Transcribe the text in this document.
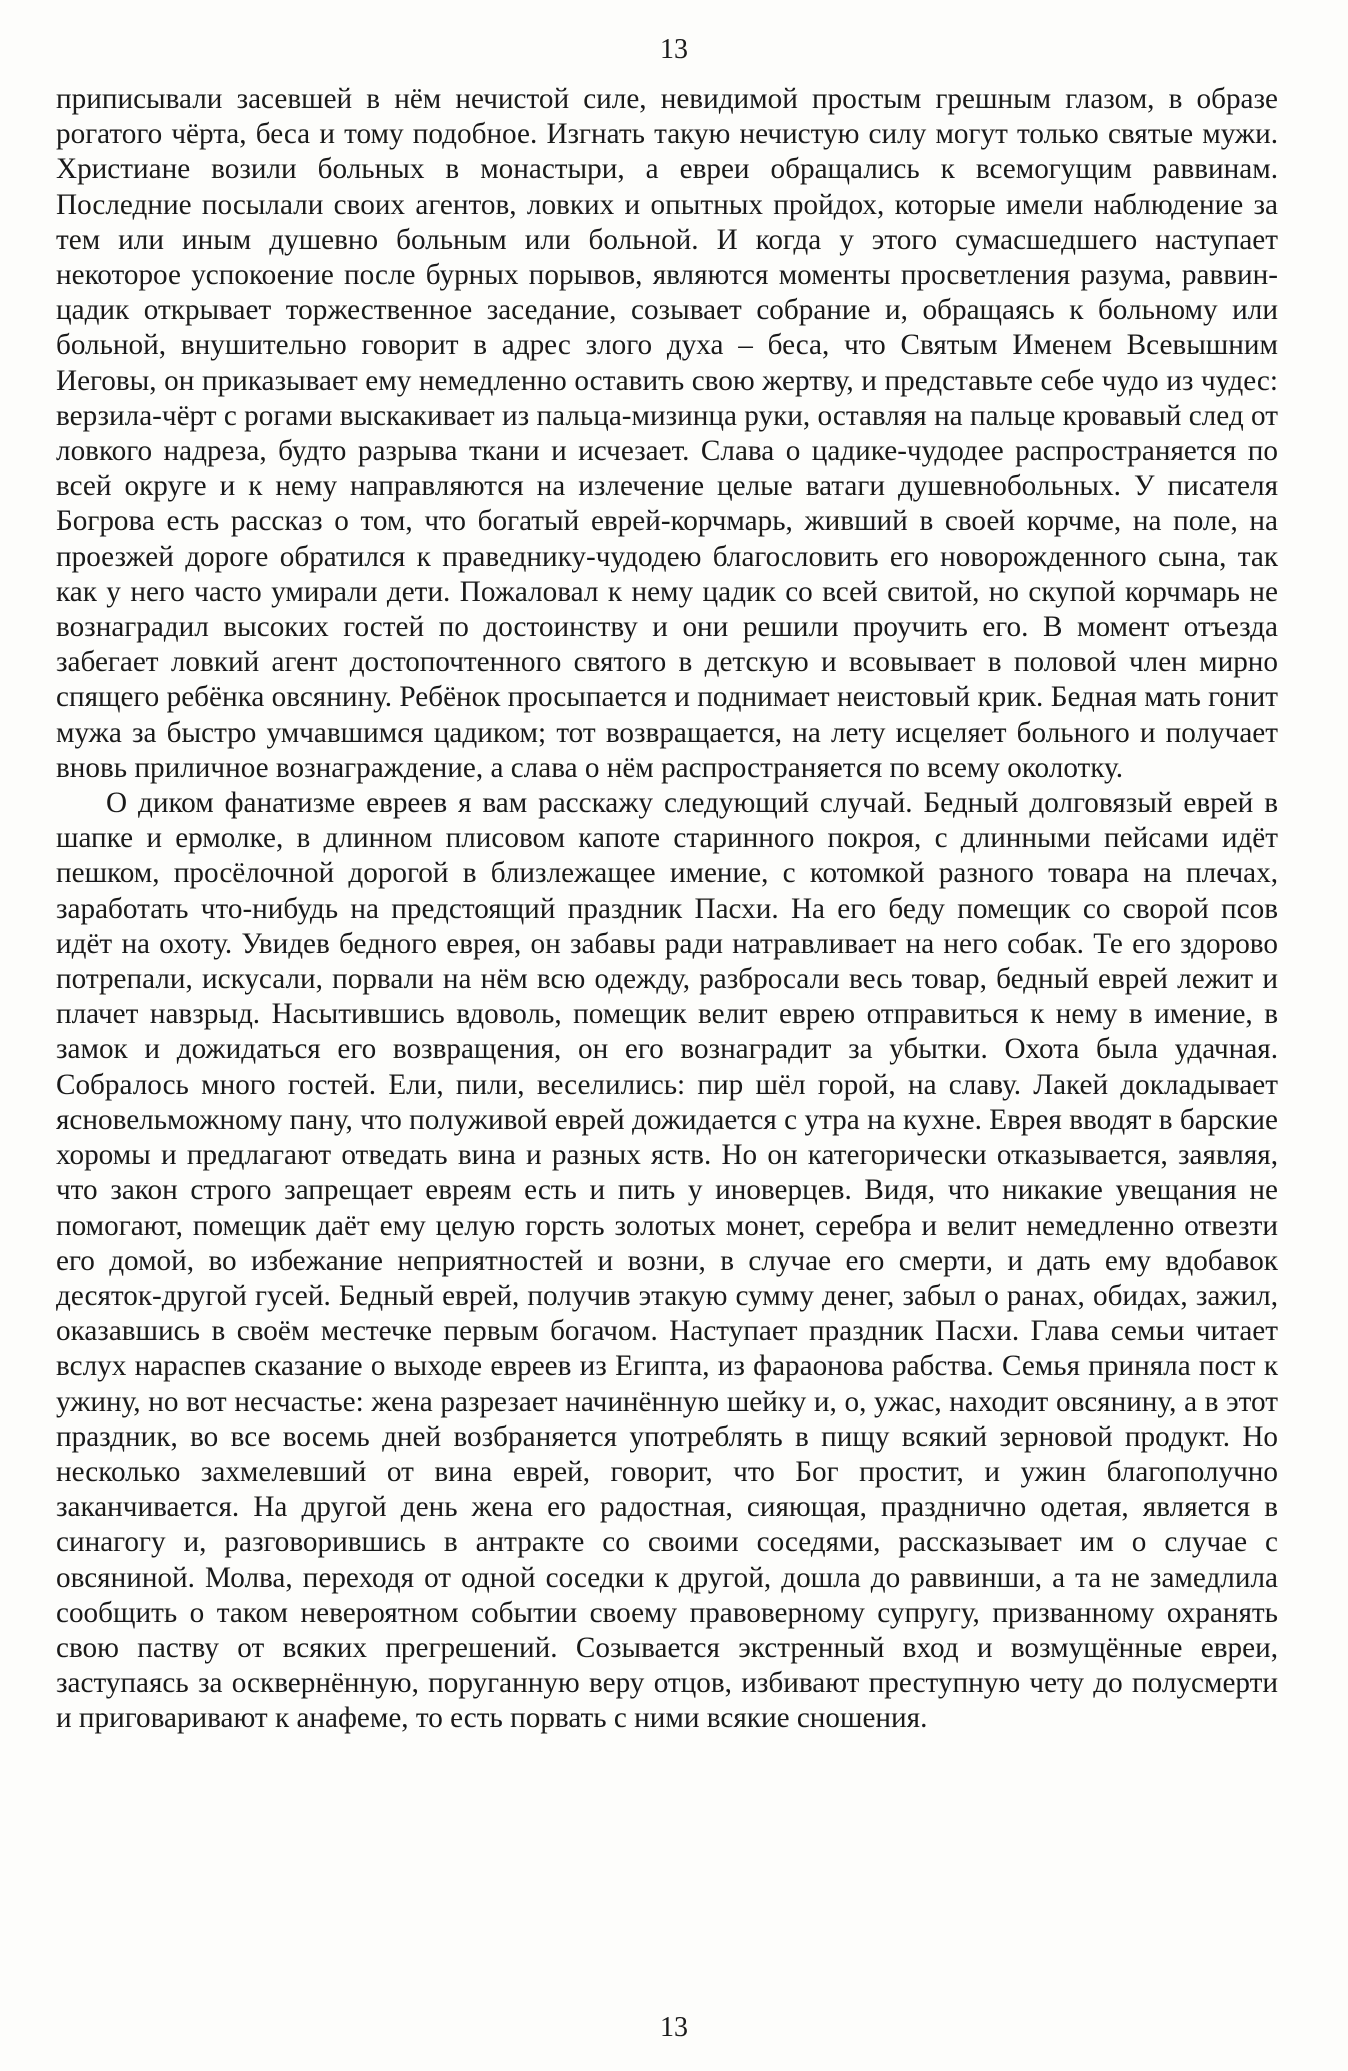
13

приписывали засевшей в нём нечистой силе, невидимой простым грешным глазом, в образе рогатого чёрта, беса и тому подобное. Изгнать такую нечистую силу могут только святые мужи. Христиане возили больных в монастыри, а евреи обращались к всемогущим раввинам. Последние посылали своих агентов, ловких и опытных пройдох, которые имели наблюдение за тем или иным душевно больным или больной. И когда у этого сумасшедшего наступает некоторое успокоение после бурных порывов, являются моменты просветления разума, раввин-цадик открывает торжественное заседание, созывает собрание и, обращаясь к больному или больной, внушительно говорит в адрес злого духа – беса, что Святым Именем Всевышним Иеговы, он приказывает ему немедленно оставить свою жертву, и представьте себе чудо из чудес: верзила-чёрт с рогами выскакивает из пальца-мизинца руки, оставляя на пальце кровавый след от ловкого надреза, будто разрыва ткани и исчезает. Слава о цадике-чудодее распространяется по всей округе и к нему направляются на излечение целые ватаги душевнобольных. У писателя Богрова есть рассказ о том, что богатый еврей-корчмарь, живший в своей корчме, на поле, на проезжей дороге обратился к праведнику-чудодею благословить его новорожденного сына, так как у него часто умирали дети. Пожаловал к нему цадик со всей свитой, но скупой корчмарь не вознаградил высоких гостей по достоинству и они решили проучить его. В момент отъезда забегает ловкий агент достопочтенного святого в детскую и всовывает в половой член мирно спящего ребёнка овсянину. Ребёнок просыпается и поднимает неистовый крик. Бедная мать гонит мужа за быстро умчавшимся цадиком; тот возвращается, на лету исцеляет больного и получает вновь приличное вознаграждение, а слава о нём распространяется по всему околотку.

О диком фанатизме евреев я вам расскажу следующий случай. Бедный долговязый еврей в шапке и ермолке, в длинном плисовом капоте старинного покроя, с длинными пейсами идёт пешком, просёлочной дорогой в близлежащее имение, с котомкой разного товара на плечах, заработать что-нибудь на предстоящий праздник Пасхи. На его беду помещик со сворой псов идёт на охоту. Увидев бедного еврея, он забавы ради натравливает на него собак. Те его здорово потрепали, искусали, порвали на нём всю одежду, разбросали весь товар, бедный еврей лежит и плачет навзрыд. Насытившись вдоволь, помещик велит еврею отправиться к нему в имение, в замок и дожидаться его возвращения, он его вознаградит за убытки. Охота была удачная. Собралось много гостей. Ели, пили, веселились: пир шёл горой, на славу. Лакей докладывает ясновельможному пану, что полуживой еврей дожидается с утра на кухне. Еврея вводят в барские хоромы и предлагают отведать вина и разных яств. Но он категорически отказывается, заявляя, что закон строго запрещает евреям есть и пить у иноверцев. Видя, что никакие увещания не помогают, помещик даёт ему целую горсть золотых монет, серебра и велит немедленно отвезти его домой, во избежание неприятностей и возни, в случае его смерти, и дать ему вдобавок десяток-другой гусей. Бедный еврей, получив этакую сумму денег, забыл о ранах, обидах, зажил, оказавшись в своём местечке первым богачом. Наступает праздник Пасхи. Глава семьи читает вслух нараспев сказание о выходе евреев из Египта, из фараонова рабства. Семья приняла пост к ужину, но вот несчастье: жена разрезает начинённую шейку и, о, ужас, находит овсянину, а в этот праздник, во все восемь дней возбраняется употреблять в пищу всякий зерновой продукт. Но несколько захмелевший от вина еврей, говорит, что Бог простит, и ужин благополучно заканчивается. На другой день жена его радостная, сияющая, празднично одетая, является в синагогу и, разговорившись в антракте со своими соседями, рассказывает им о случае с овсяниной. Молва, переходя от одной соседки к другой, дошла до раввинши, а та не замедлила сообщить о таком невероятном событии своему правоверному супругу, призванному охранять свою паству от всяких прегрешений. Созывается экстренный вход и возмущённые евреи, заступаясь за осквернённую, поруганную веру отцов, избивают преступную чету до полусмерти и приговаривают к анафеме, то есть порвать с ними всякие сношения.

13
